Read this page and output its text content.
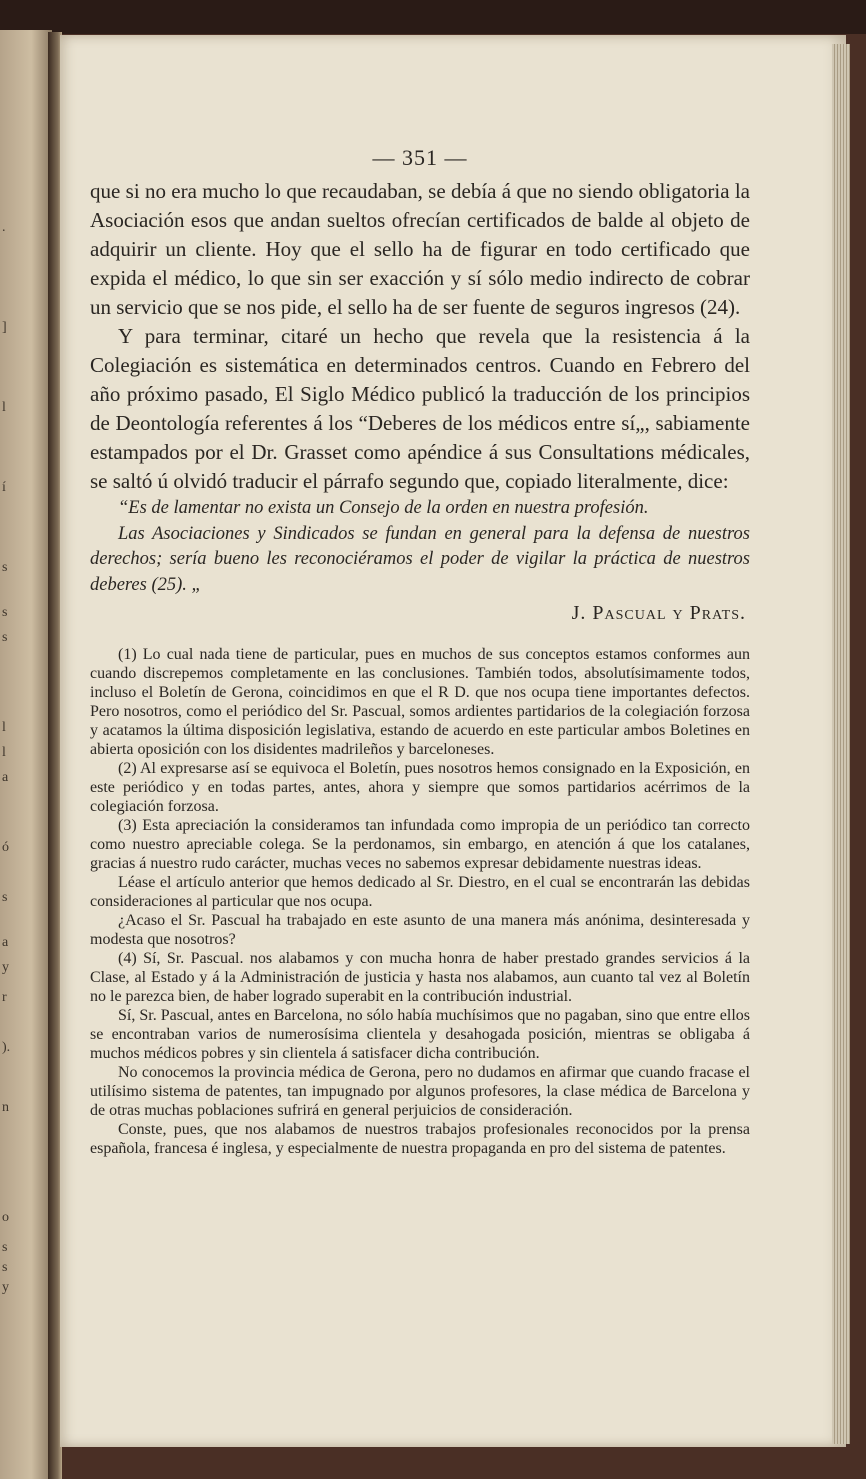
.
]
l
í
s
s
s
l
l
a
ó
s
a
y
r
).
n
o
s
s
y

— 351 —

que si no era mucho lo que recaudaban, se debía á que no siendo obligatoria la Asociación esos que andan sueltos ofrecían certificados de balde al objeto de adquirir un cliente. Hoy que el sello ha de figurar en todo certificado que expida el médico, lo que sin ser exacción y sí sólo medio indirecto de cobrar un servicio que se nos pide, el sello ha de ser fuente de seguros ingresos (24).

Y para terminar, citaré un hecho que revela que la resistencia á la Colegiación es sistemática en determinados centros. Cuando en Febrero del año próximo pasado, El Siglo Médico publicó la traducción de los principios de Deontología referentes á los “Deberes de los médicos entre sí„, sabiamente estampados por el Dr. Grasset como apéndice á sus Consultations médicales, se saltó ú olvidó traducir el párrafo segundo que, copiado literalmente, dice:

“Es de lamentar no exista un Consejo de la orden en nuestra profesión.

Las Asociaciones y Sindicados se fundan en general para la defensa de nuestros derechos; sería bueno les reconociéramos el poder de vigilar la práctica de nuestros deberes (25). „

J. Pascual y Prats.

(1) Lo cual nada tiene de particular, pues en muchos de sus conceptos estamos conformes aun cuando discrepemos completamente en las conclusiones. También todos, absolutísimamente todos, incluso el Boletín de Gerona, coincidimos en que el R D. que nos ocupa tiene importantes defectos. Pero nosotros, como el periódico del Sr. Pascual, somos ardientes partidarios de la colegiación forzosa y acatamos la última disposición legislativa, estando de acuerdo en este particular ambos Boletines en abierta oposición con los disidentes madrileños y barceloneses.

(2) Al expresarse así se equivoca el Boletín, pues nosotros hemos consignado en la Exposición, en este periódico y en todas partes, antes, ahora y siempre que somos partidarios acérrimos de la colegiación forzosa.

(3) Esta apreciación la consideramos tan infundada como impropia de un periódico tan correcto como nuestro apreciable colega. Se la perdonamos, sin embargo, en atención á que los catalanes, gracias á nuestro rudo carácter, muchas veces no sabemos expresar debidamente nuestras ideas.

Léase el artículo anterior que hemos dedicado al Sr. Diestro, en el cual se encontrarán las debidas consideraciones al particular que nos ocupa.

¿Acaso el Sr. Pascual ha trabajado en este asunto de una manera más anónima, desinteresada y modesta que nosotros?

(4) Sí, Sr. Pascual. nos alabamos y con mucha honra de haber prestado grandes servicios á la Clase, al Estado y á la Administración de justicia y hasta nos alabamos, aun cuanto tal vez al Boletín no le parezca bien, de haber logrado superabit en la contribución industrial.

Sí, Sr. Pascual, antes en Barcelona, no sólo había muchísimos que no pagaban, sino que entre ellos se encontraban varios de numerosísima clientela y desahogada posición, mientras se obligaba á muchos médicos pobres y sin clientela á satisfacer dicha contribución.

No conocemos la provincia médica de Gerona, pero no dudamos en afirmar que cuando fracase el utilísimo sistema de patentes, tan impugnado por algunos profesores, la clase médica de Barcelona y de otras muchas poblaciones sufrirá en general perjuicios de consideración.

Conste, pues, que nos alabamos de nuestros trabajos profesionales reconocidos por la prensa española, francesa é inglesa, y especialmente de nuestra propaganda en pro del sistema de patentes.
